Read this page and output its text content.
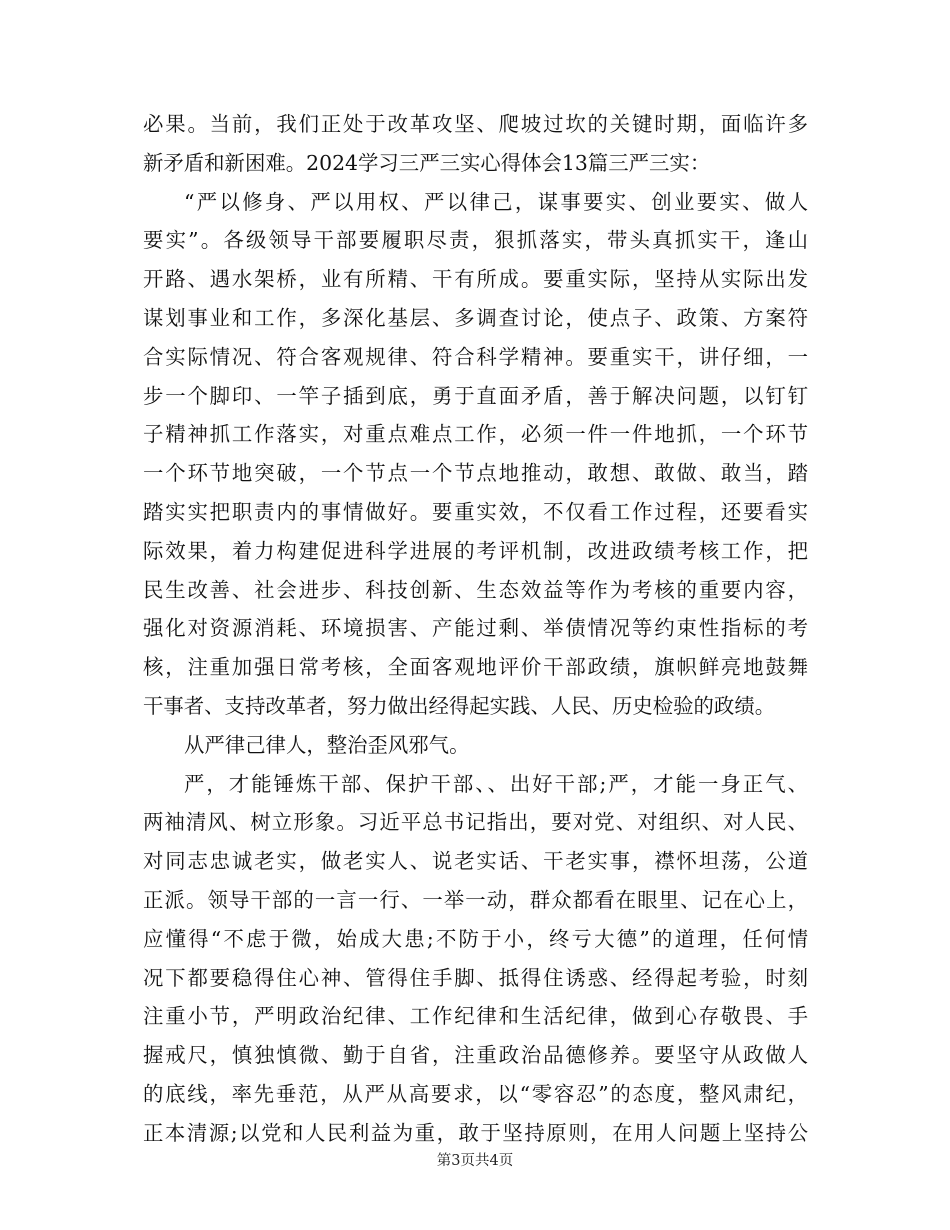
必果。当前，我们正处于改革攻坚、爬坡过坎的关键时期，面临许多
新矛盾和新困难。2024学习三严三实心得体会13篇三严三实：
“严以修身、严以用权、严以律己，谋事要实、创业要实、做人
要实”。各级领导干部要履职尽责，狠抓落实，带头真抓实干，逢山
开路、遇水架桥，业有所精、干有所成。要重实际，坚持从实际出发
谋划事业和工作，多深化基层、多调查讨论，使点子、政策、方案符
合实际情况、符合客观规律、符合科学精神。要重实干，讲仔细，一
步一个脚印、一竿子插到底，勇于直面矛盾，善于解决问题，以钉钉
子精神抓工作落实，对重点难点工作，必须一件一件地抓，一个环节
一个环节地突破，一个节点一个节点地推动，敢想、敢做、敢当，踏
踏实实把职责内的事情做好。要重实效，不仅看工作过程，还要看实
际效果，着力构建促进科学进展的考评机制，改进政绩考核工作，把
民生改善、社会进步、科技创新、生态效益等作为考核的重要内容，
强化对资源消耗、环境损害、产能过剩、举债情况等约束性指标的考
核，注重加强日常考核，全面客观地评价干部政绩，旗帜鲜亮地鼓舞
干事者、支持改革者，努力做出经得起实践、人民、历史检验的政绩。
从严律己律人，整治歪风邪气。
严，才能锤炼干部、保护干部、、出好干部;严，才能一身正气、
两袖清风、树立形象。习近平总书记指出，要对党、对组织、对人民、
对同志忠诚老实，做老实人、说老实话、干老实事，襟怀坦荡，公道
正派。领导干部的一言一行、一举一动，群众都看在眼里、记在心上，
应懂得“不虑于微，始成大患;不防于小，终亏大德”的道理，任何情
况下都要稳得住心神、管得住手脚、抵得住诱惑、经得起考验，时刻
注重小节，严明政治纪律、工作纪律和生活纪律，做到心存敬畏、手
握戒尺，慎独慎微、勤于自省，注重政治品德修养。要坚守从政做人
的底线，率先垂范，从严从高要求，以“零容忍”的态度，整风肃纪，
正本清源;以党和人民利益为重，敢于坚持原则，在用人问题上坚持公
第3页共4页
